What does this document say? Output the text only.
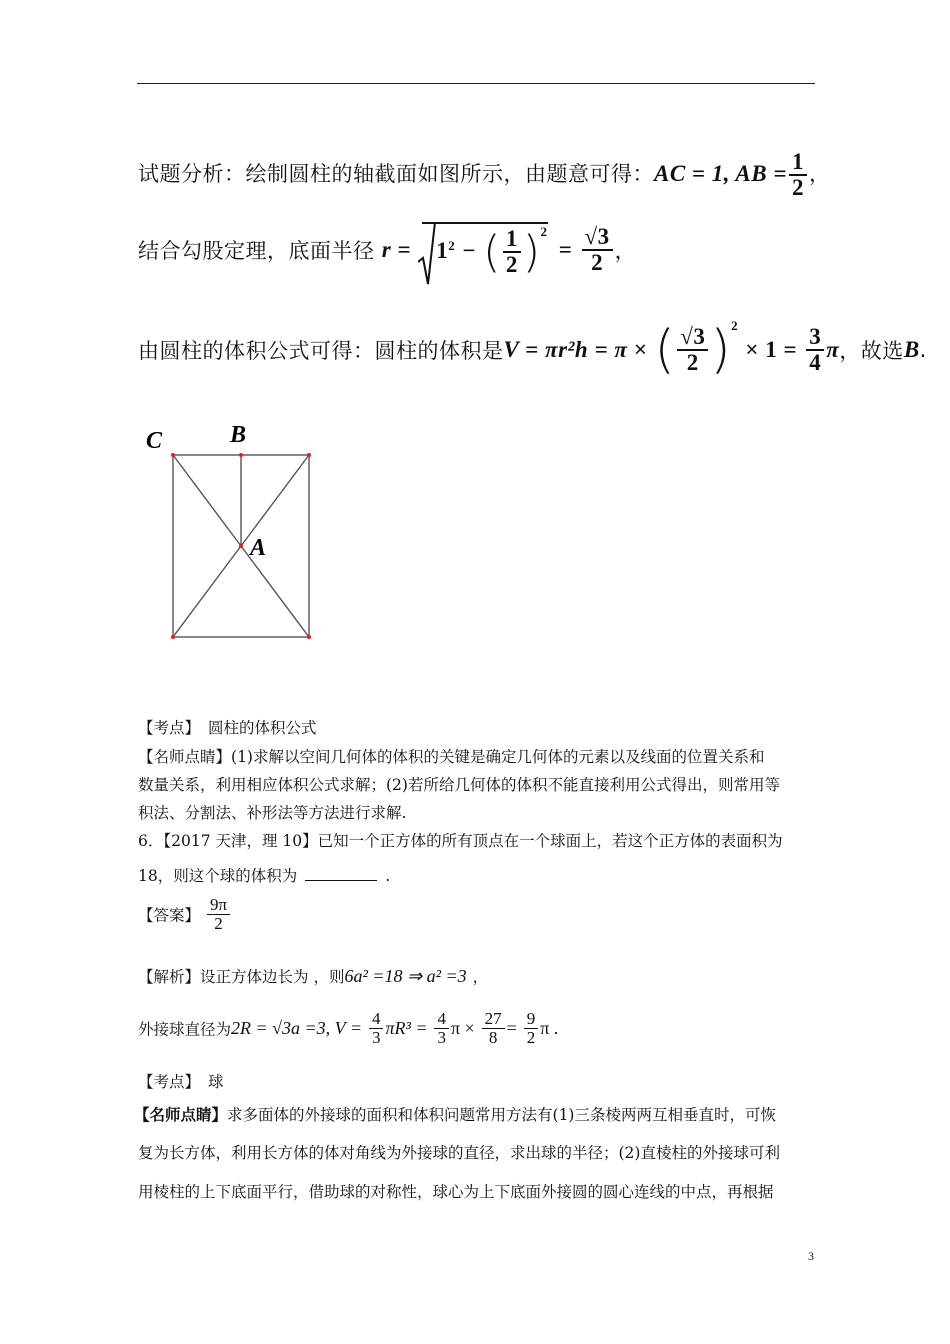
试题分析：绘制圆柱的轴截面如图所示，由题意可得：AC = 1, AB = $\frac{1}{2}$ ，
结合勾股定理，底面半径 $r = 1^2$ − ( $\frac{1}{2} )^2 = \frac{√3}{2}$ ，
由圆柱的体积公式可得：圆柱的体积是V = πr²h = π × ( $\frac{√3}{2} )^2 \times 1 = \frac{3}{4}$ π，故选B.
C	B
A
【考点】 圆柱的体积公式
【名师点睛】(1)求解以空间几何体的体积的关键是确定几何体的元素以及线面的位置关系和
数量关系，利用相应体积公式求解；(2)若所给几何体的体积不能直接利用公式得出，则常用等
积法、分割法、补形法等方法进行求解.
6．【2017 天津，理 10】已知一个正方体的所有顶点在一个球面上，若这个正方体的表面积为
18，则这个球的体积为	.
【答案】 $\frac{9\pi}{2}$
【解析】设正方体边长为 ，则6a² =18 ⇒ a² =3 ，
外接球直径为2R = √3a =3, $V = \frac{4}{3} \pi R^3 = \frac{4}{3}$ $\pi \times \frac{27}{8} = \frac{9}{2}$ π .
【考点】 球
【名师点睛】求多面体的外接球的面积和体积问题常用方法有(1)三条棱两两互相垂直时，可恢
复为长方体，利用长方体的体对角线为外接球的直径，求出球的半径；(2)直棱柱的外接球可利
用棱柱的上下底面平行，借助球的对称性，球心为上下底面外接圆的圆心连线的中点，再根据
3
